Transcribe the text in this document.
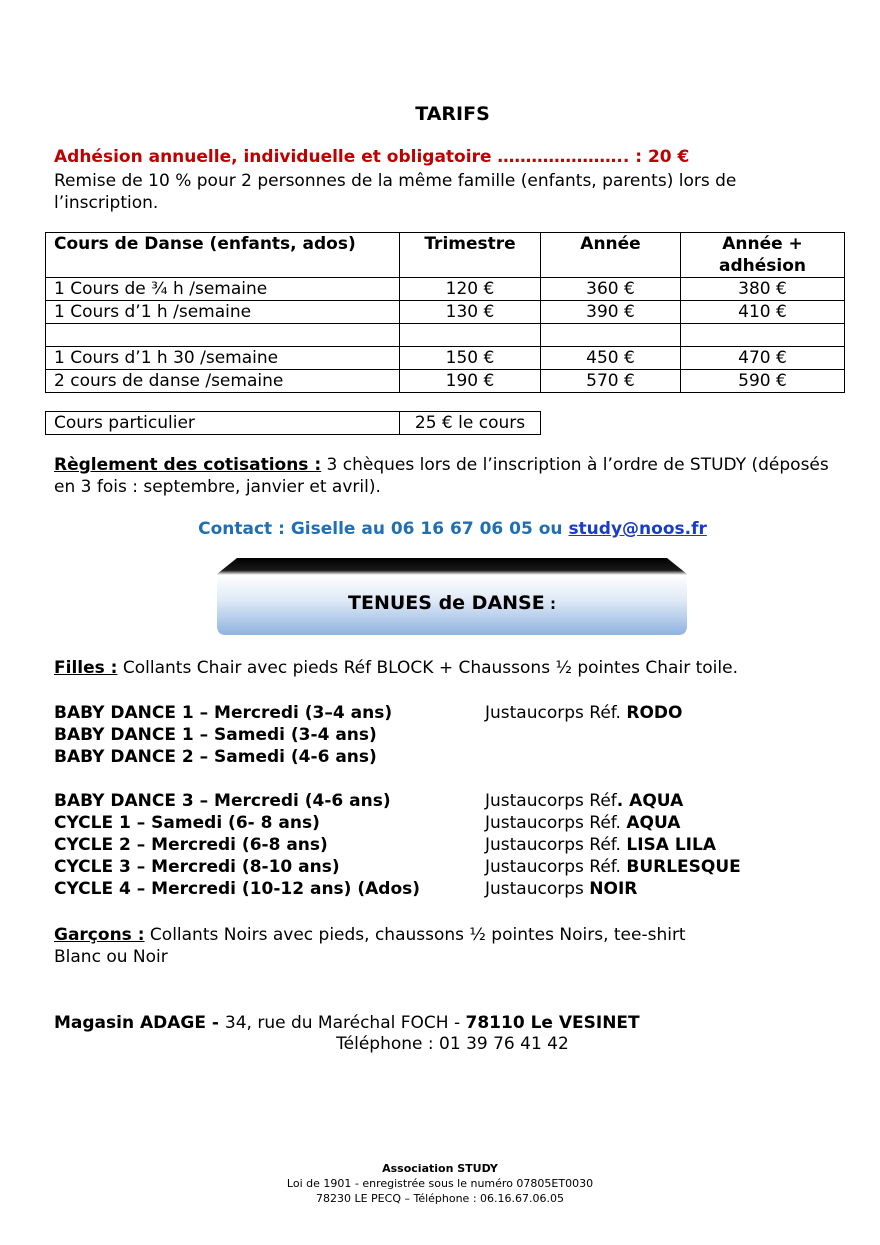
TARIFS
Adhésion annuelle, individuelle et obligatoire ………………….. : 20 €
Remise de 10 % pour 2 personnes de la même famille (enfants, parents) lors de l’inscription.
Cours de Danse (enfants, ados)	Trimestre	Année	Année + adhésion
1 Cours de ¾ h /semaine	120 €	360 €	380 €
1 Cours d’1 h /semaine	130 €	390 €	410 €

1 Cours d’1 h 30 /semaine	150 €	450 €	470 €
2 cours de danse /semaine	190 €	570 €	590 €
Cours particulier	25 € le cours
Règlement des cotisations : 3 chèques lors de l’inscription à l’ordre de STUDY (déposés en 3 fois : septembre, janvier et avril).
Contact : Giselle au 06 16 67 06 05 ou study@noos.fr
TENUES de DANSE :
Filles : Collants Chair avec pieds Réf BLOCK + Chaussons ½ pointes Chair toile.
BABY DANCE 1 – Mercredi (3–4 ans)	Justaucorps Réf. RODO
BABY DANCE 1 – Samedi (3-4 ans)
BABY DANCE 2 – Samedi (4-6 ans)
BABY DANCE 3 – Mercredi (4-6 ans)	Justaucorps Réf. AQUA
CYCLE 1 – Samedi (6- 8 ans)	Justaucorps Réf. AQUA
CYCLE 2 – Mercredi (6-8 ans)	Justaucorps Réf. LISA LILA
CYCLE 3 – Mercredi (8-10 ans)	Justaucorps Réf. BURLESQUE
CYCLE 4 – Mercredi (10-12 ans) (Ados)	Justaucorps NOIR
Garçons : Collants Noirs avec pieds, chaussons ½ pointes Noirs, tee-shirt
Blanc ou Noir
Magasin ADAGE - 34, rue du Maréchal FOCH - 78110 Le VESINET
Téléphone : 01 39 76 41 42
Association STUDY
Loi de 1901 - enregistrée sous le numéro 07805ET0030
78230 LE PECQ – Téléphone : 06.16.67.06.05
